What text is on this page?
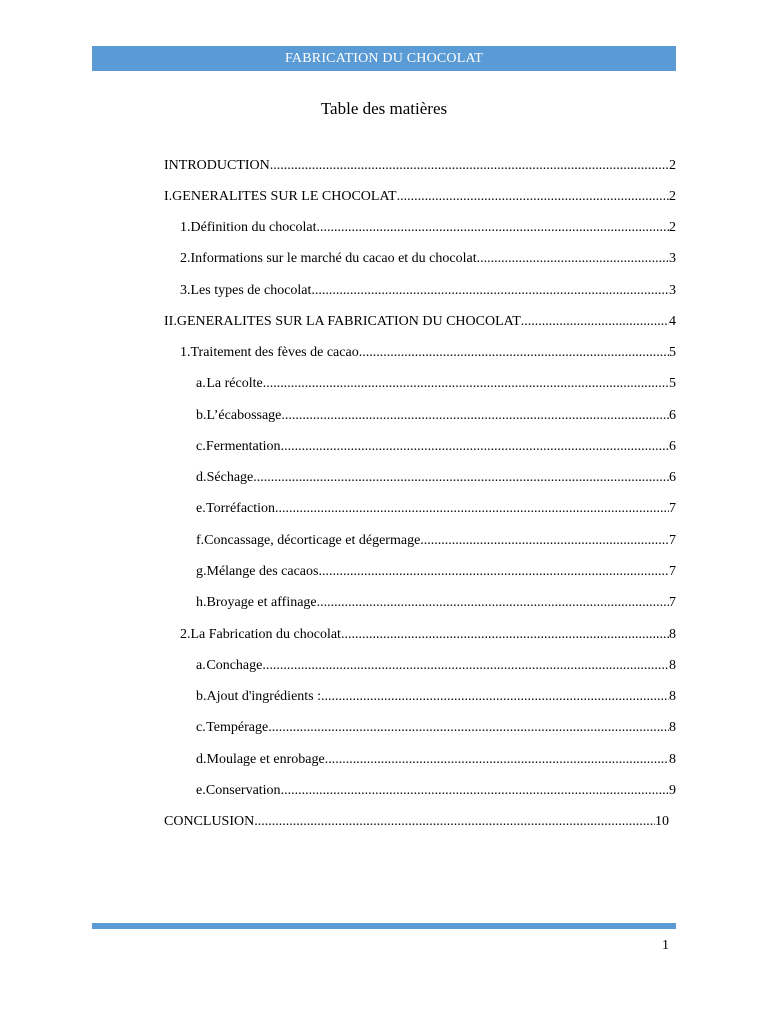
FABRICATION DU CHOCOLAT
Table des matières
INTRODUCTION .....	2
I. GENERALITES SUR LE CHOCOLAT .....	2
1. Définition du chocolat .....	2
2. Informations sur le marché du cacao et du chocolat .....	3
3. Les types de chocolat .....	3
II. GENERALITES SUR LA FABRICATION DU CHOCOLAT .....	4
1. Traitement des fèves de cacao .....	5
a. La récolte .....	5
b. L’écabossage .....	6
c. Fermentation .....	6
d. Séchage .....	6
e. Torréfaction .....	7
f. Concassage, décorticage et dégermage .....	7
g. Mélange des cacaos .....	7
h. Broyage et affinage .....	7
2. La Fabrication du chocolat .....	8
a. Conchage .....	8
b. Ajout d'ingrédients : .....	8
c. Tempérage .....	8
d. Moulage et enrobage .....	8
e. Conservation .....	9
CONCLUSION .....	10
1
